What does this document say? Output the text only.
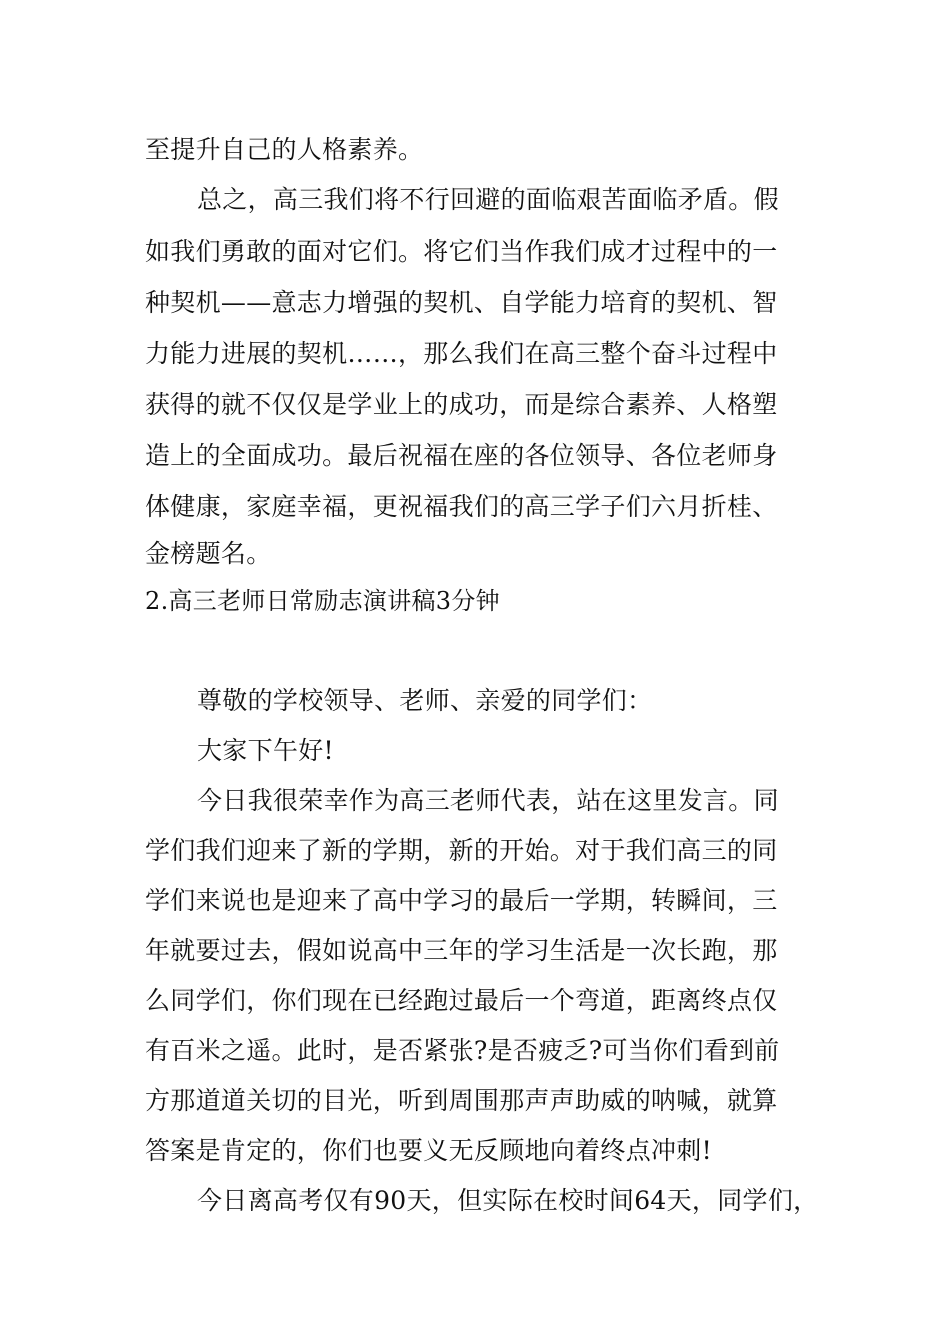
至提升自己的人格素养。
总之，高三我们将不行回避的面临艰苦面临矛盾。假
如我们勇敢的面对它们。将它们当作我们成才过程中的一
种契机——意志力增强的契机、自学能力培育的契机、智
力能力进展的契机……，那么我们在高三整个奋斗过程中
获得的就不仅仅是学业上的成功，而是综合素养、人格塑
造上的全面成功。最后祝福在座的各位领导、各位老师身
体健康，家庭幸福，更祝福我们的高三学子们六月折桂、
金榜题名。
2.高三老师日常励志演讲稿3分钟
尊敬的学校领导、老师、亲爱的同学们：
大家下午好!
今日我很荣幸作为高三老师代表，站在这里发言。同
学们我们迎来了新的学期，新的开始。对于我们高三的同
学们来说也是迎来了高中学习的最后一学期，转瞬间，三
年就要过去，假如说高中三年的学习生活是一次长跑，那
么同学们，你们现在已经跑过最后一个弯道，距离终点仅
有百米之遥。此时，是否紧张?是否疲乏?可当你们看到前
方那道道关切的目光，听到周围那声声助威的呐喊，就算
答案是肯定的，你们也要义无反顾地向着终点冲刺!
今日离高考仅有90天，但实际在校时间64天，同学们，
